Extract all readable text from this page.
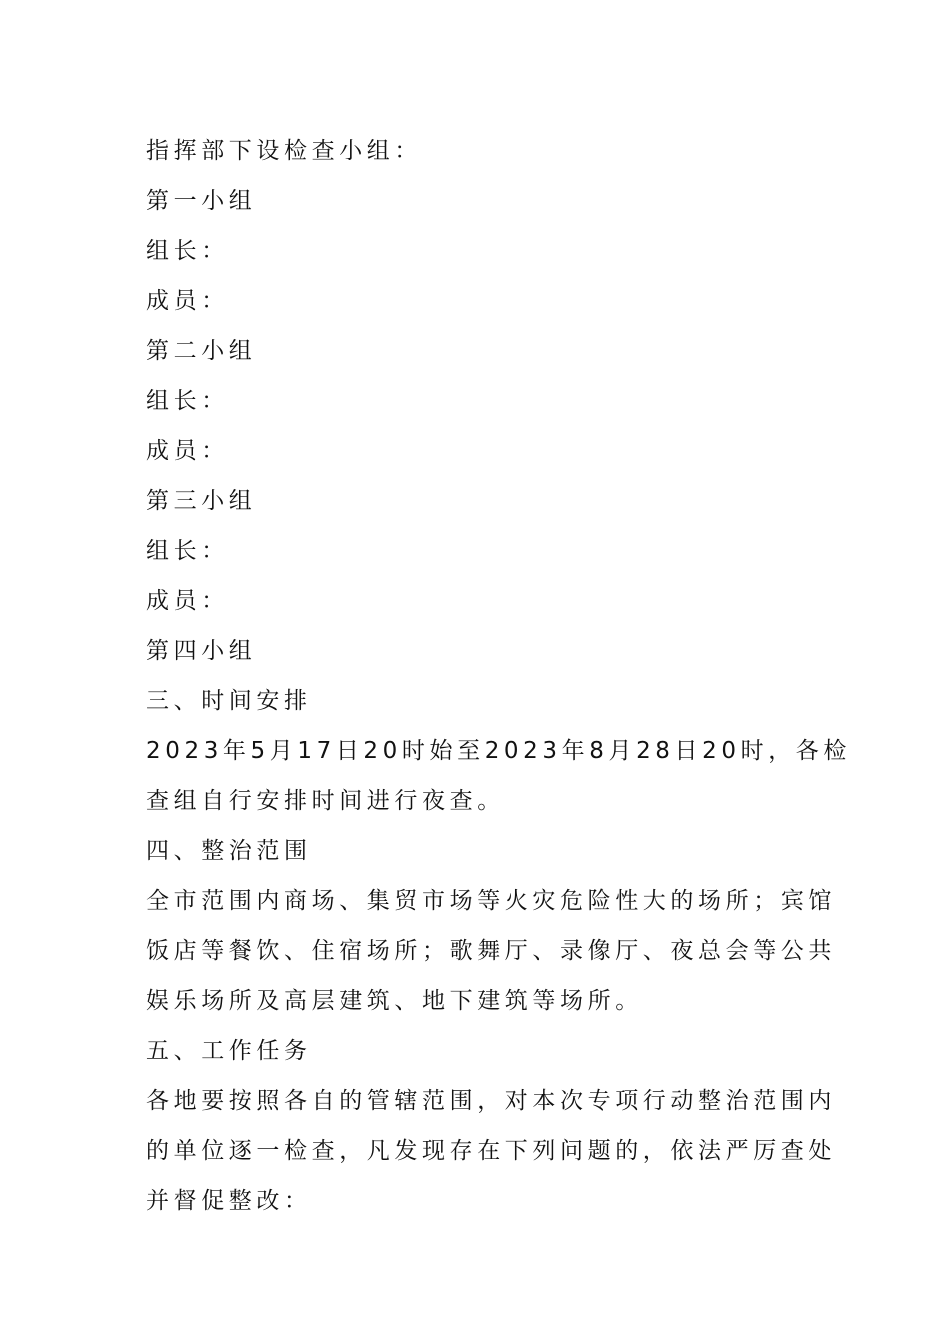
指挥部下设检查小组：
第一小组
组长：
成员：
第二小组
组长：
成员：
第三小组
组长：
成员：
第四小组
三、时间安排
2023年5月17日20时始至2023年8月28日20时，各检
查组自行安排时间进行夜查。
四、整治范围
全市范围内商场、集贸市场等火灾危险性大的场所；宾馆
饭店等餐饮、住宿场所；歌舞厅、录像厅、夜总会等公共
娱乐场所及高层建筑、地下建筑等场所。
五、工作任务
各地要按照各自的管辖范围，对本次专项行动整治范围内
的单位逐一检查，凡发现存在下列问题的，依法严厉查处
并督促整改：
